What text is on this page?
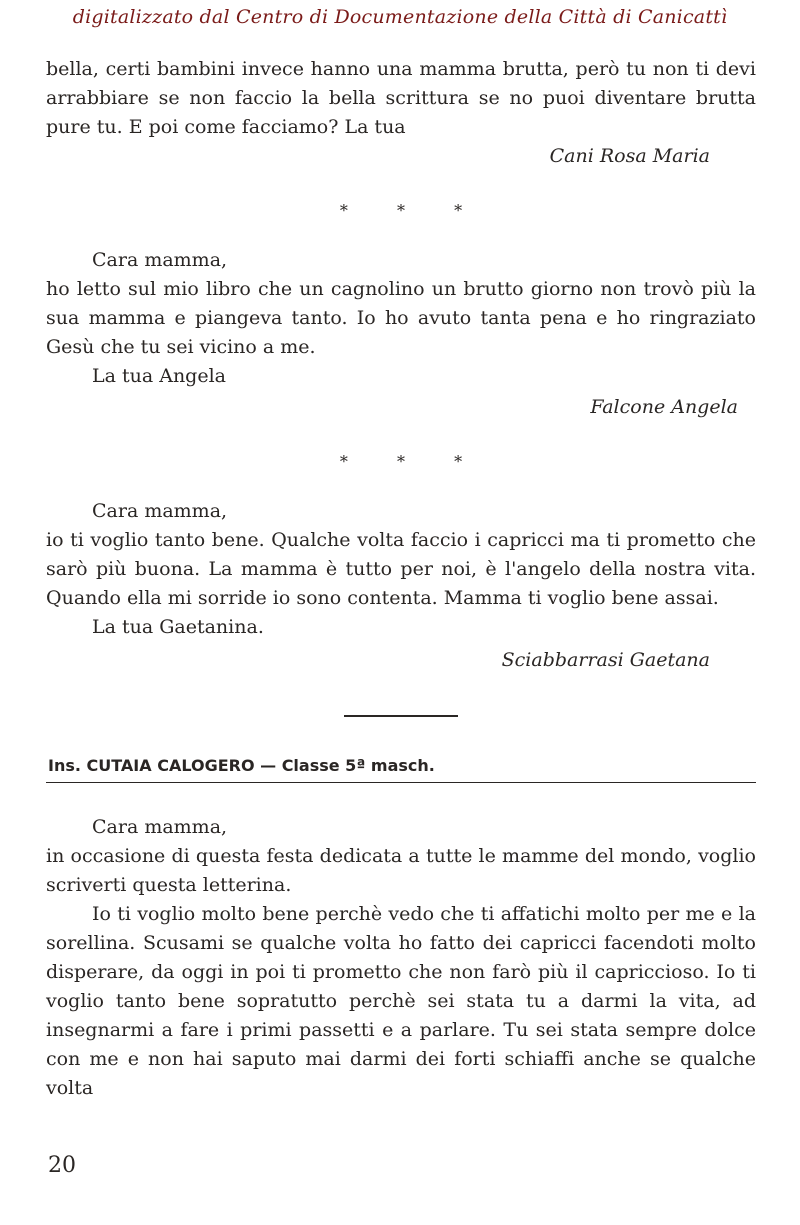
digitalizzato dal Centro di Documentazione della Città di Canicattì

bella, certi bambini invece hanno una mamma brutta, però tu non ti devi arrabbiare se non faccio la bella scrittura se no puoi diventare brutta pure tu. E poi come facciamo? La tua

Cani Rosa Maria

* * *

Cara mamma,

ho letto sul mio libro che un cagnolino un brutto giorno non trovò più la sua mamma e piangeva tanto. Io ho avuto tanta pena e ho ringraziato Gesù che tu sei vicino a me.

La tua Angela

Falcone Angela

* * *

Cara mamma,

io ti voglio tanto bene. Qualche volta faccio i capricci ma ti prometto che sarò più buona. La mamma è tutto per noi, è l'angelo della nostra vita. Quando ella mi sorride io sono contenta. Mamma ti voglio bene assai.

La tua Gaetanina.

Sciabbarrasi Gaetana

Ins. CUTAIA CALOGERO — Classe 5ª masch.

Cara mamma,

in occasione di questa festa dedicata a tutte le mamme del mondo, voglio scriverti questa letterina.

Io ti voglio molto bene perchè vedo che ti affatichi molto per me e la sorellina. Scusami se qualche volta ho fatto dei capricci facendoti molto disperare, da oggi in poi ti prometto che non farò più il capriccioso. Io ti voglio tanto bene sopratutto perchè sei stata tu a darmi la vita, ad insegnarmi a fare i primi passetti e a parlare. Tu sei stata sempre dolce con me e non hai saputo mai darmi dei forti schiaffi anche se qualche volta

20
